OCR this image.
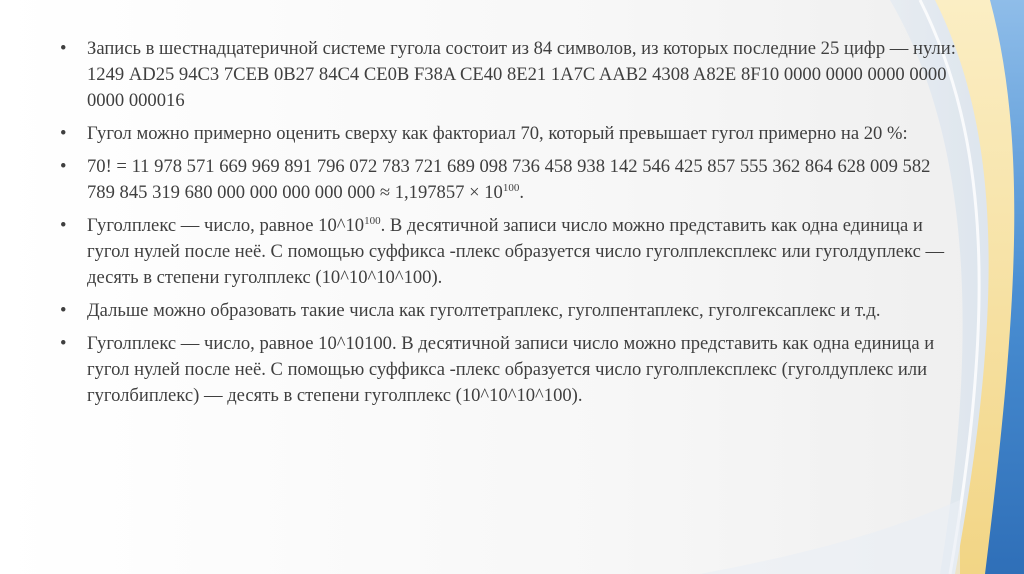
• Запись в шестнадцатеричной системе гугола состоит из 84 символов, из которых последние 25 цифр — нули: 1249 AD25 94C3 7CEB 0B27 84C4 CE0B F38A CE40 8E21 1A7C AAB2 4308 A82E 8F10 0000 0000 0000 0000 0000 000016
• Гугол можно примерно оценить сверху как факториал 70, который превышает гугол примерно на 20 %:
• 70! = 11 978 571 669 969 891 796 072 783 721 689 098 736 458 938 142 546 425 857 555 362 864 628 009 582 789 845 319 680 000 000 000 000 $000 \approx 1,197857 \times 10^{100}$.
• Гуголплекс — число, равное $10\^{}10^{100}$. В десятичной записи число можно представить как одна единица и гугол нулей после неё. С помощью суффикса -плекс образуется число гуголплексплекс или гуголдуплекс — десять в степени гуголплекс (10^10^10^100).
• Дальше можно образовать такие числа как гуголтетраплекс, гуголпентаплекс, гуголгексаплекс и т.д.
• Гуголплекс — число, равное 10^10100. В десятичной записи число можно представить как одна единица и гугол нулей после неё. С помощью суффикса -плекс образуется число гуголплексплекс (гуголдуплекс или гуголбиплекс) — десять в степени гуголплекс (10^10^10^100).
